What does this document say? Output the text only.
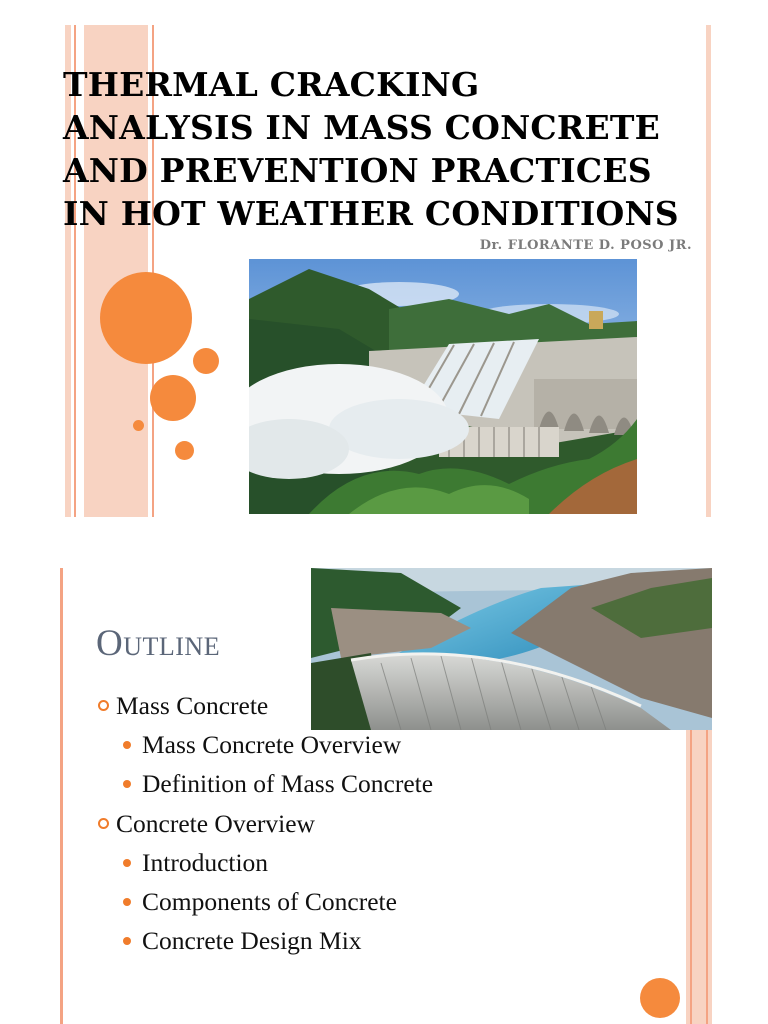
THERMAL CRACKING
ANALYSIS IN MASS CONCRETE
AND PREVENTION PRACTICES
IN HOT WEATHER CONDITIONS
Dr. FLORANTE D. POSO JR.
Outline
Mass Concrete
Mass Concrete Overview
Definition of Mass Concrete
Concrete Overview
Introduction
Components of Concrete
Concrete Design Mix
